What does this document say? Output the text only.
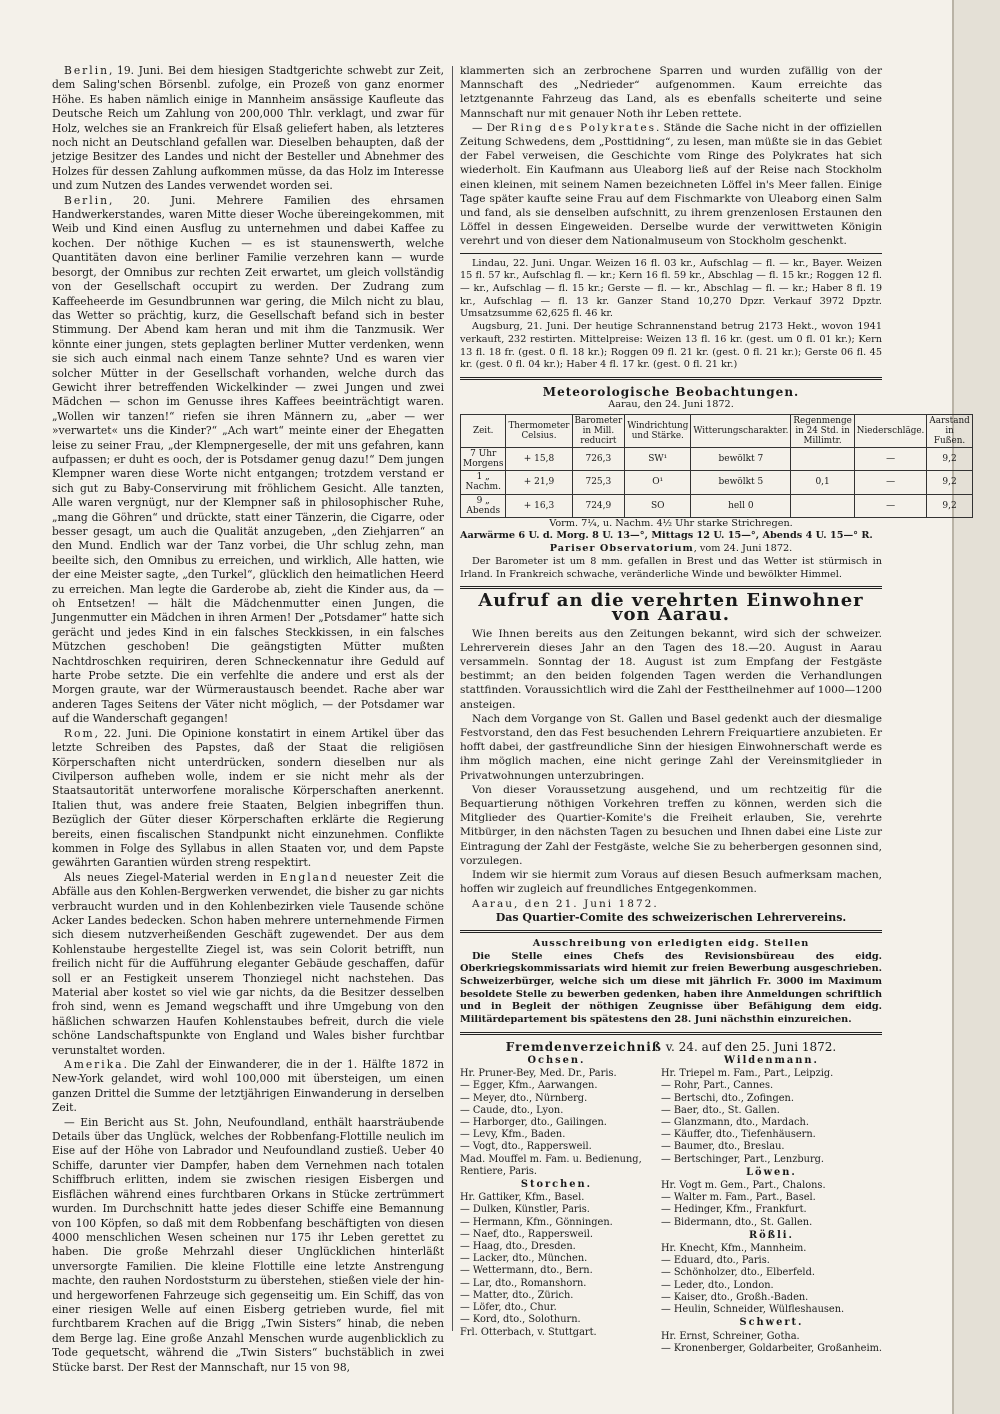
Berlin, 19. Juni. Bei dem hiesigen Stadtgerichte schwebt zur Zeit, dem Saling'schen Börsenbl. zufolge, ein Prozeß von ganz enormer Höhe. Es haben nämlich einige in Mannheim ansässige Kaufleute das Deutsche Reich um Zahlung von 200,000 Thlr. verklagt, und zwar für Holz, welches sie an Frankreich für Elsaß geliefert haben, als letzteres noch nicht an Deutschland gefallen war. Dieselben behaupten, daß der jetzige Besitzer des Landes und nicht der Besteller und Abnehmer des Holzes für dessen Zahlung aufkommen müsse, da das Holz im Interesse und zum Nutzen des Landes verwendet worden sei.

Berlin, 20. Juni. Mehrere Familien des ehrsamen Handwerkerstandes, waren Mitte dieser Woche übereingekommen, mit Weib und Kind einen Ausflug zu unternehmen und dabei Kaffee zu kochen. Der nöthige Kuchen — es ist staunenswerth, welche Quantitäten davon eine berliner Familie verzehren kann — wurde besorgt, der Omnibus zur rechten Zeit erwartet, um gleich vollständig von der Gesellschaft occupirt zu werden. Der Zudrang zum Kaffeeheerde im Gesundbrunnen war gering, die Milch nicht zu blau, das Wetter so prächtig, kurz, die Gesellschaft befand sich in bester Stimmung. Der Abend kam heran und mit ihm die Tanzmusik. Wer könnte einer jungen, stets geplagten berliner Mutter verdenken, wenn sie sich auch einmal nach einem Tanze sehnte? Und es waren vier solcher Mütter in der Gesellschaft vorhanden, welche durch das Gewicht ihrer betreffenden Wickelkinder — zwei Jungen und zwei Mädchen — schon im Genusse ihres Kaffees beeinträchtigt waren. „Wollen wir tanzen!“ riefen sie ihren Männern zu, „aber — wer »verwartet« uns die Kinder?“ „Ach wart“ meinte einer der Ehegatten leise zu seiner Frau, „der Klempnergeselle, der mit uns gefahren, kann aufpassen; er duht es ooch, der is Potsdamer genug dazu!“ Dem jungen Klempner waren diese Worte nicht entgangen; trotzdem verstand er sich gut zu Baby-Conservirung mit fröhlichem Gesicht. Alle tanzten, Alle waren vergnügt, nur der Klempner saß in philosophischer Ruhe, „mang die Göhren“ und drückte, statt einer Tänzerin, die Cigarre, oder besser gesagt, um auch die Qualität anzugeben, „den Ziehjarren“ an den Mund. Endlich war der Tanz vorbei, die Uhr schlug zehn, man beeilte sich, den Omnibus zu erreichen, und wirklich, Alle hatten, wie der eine Meister sagte, „den Turkel“, glücklich den heimatlichen Heerd zu erreichen. Man legte die Garderobe ab, zieht die Kinder aus, da — oh Entsetzen! — hält die Mädchenmutter einen Jungen, die Jungenmutter ein Mädchen in ihren Armen! Der „Potsdamer“ hatte sich gerächt und jedes Kind in ein falsches Steckkissen, in ein falsches Mützchen geschoben! Die geängstigten Mütter mußten Nachtdroschken requiriren, deren Schneckennatur ihre Geduld auf harte Probe setzte. Die ein verfehlte die andere und erst als der Morgen graute, war der Würmeraustausch beendet. Rache aber war anderen Tages Seitens der Väter nicht möglich, — der Potsdamer war auf die Wanderschaft gegangen!

Rom, 22. Juni. Die Opinione konstatirt in einem Artikel über das letzte Schreiben des Papstes, daß der Staat die religiösen Körperschaften nicht unterdrücken, sondern dieselben nur als Civilperson aufheben wolle, indem er sie nicht mehr als der Staatsautorität unterworfene moralische Körperschaften anerkennt. Italien thut, was andere freie Staaten, Belgien inbegriffen thun. Bezüglich der Güter dieser Körperschaften erklärte die Regierung bereits, einen fiscalischen Standpunkt nicht einzunehmen. Conflikte kommen in Folge des Syllabus in allen Staaten vor, und dem Papste gewährten Garantien würden streng respektirt.

Als neues Ziegel-Material werden in England neuester Zeit die Abfälle aus den Kohlen-Bergwerken verwendet, die bisher zu gar nichts verbraucht wurden und in den Kohlenbezirken viele Tausende schöne Acker Landes bedecken. Schon haben mehrere unternehmende Firmen sich diesem nutzverheißenden Geschäft zugewendet. Der aus dem Kohlenstaube hergestellte Ziegel ist, was sein Colorit betrifft, nun freilich nicht für die Aufführung eleganter Gebäude geschaffen, dafür soll er an Festigkeit unserem Thonziegel nicht nachstehen. Das Material aber kostet so viel wie gar nichts, da die Besitzer desselben froh sind, wenn es Jemand wegschafft und ihre Umgebung von den häßlichen schwarzen Haufen Kohlenstaubes befreit, durch die viele schöne Landschaftspunkte von England und Wales bisher furchtbar verunstaltet worden.

Amerika. Die Zahl der Einwanderer, die in der 1. Hälfte 1872 in New-York gelandet, wird wohl 100,000 mit übersteigen, um einen ganzen Drittel die Summe der letztjährigen Einwanderung in derselben Zeit.

— Ein Bericht aus St. John, Neufoundland, enthält haarsträubende Details über das Unglück, welches der Robbenfang-Flottille neulich im Eise auf der Höhe von Labrador und Neufoundland zustieß. Ueber 40 Schiffe, darunter vier Dampfer, haben dem Vernehmen nach totalen Schiffbruch erlitten, indem sie zwischen riesigen Eisbergen und Eisflächen während eines furchtbaren Orkans in Stücke zertrümmert wurden. Im Durchschnitt hatte jedes dieser Schiffe eine Bemannung von 100 Köpfen, so daß mit dem Robbenfang beschäftigten von diesen 4000 menschlichen Wesen scheinen nur 175 ihr Leben gerettet zu haben. Die große Mehrzahl dieser Unglücklichen hinterläßt unversorgte Familien. Die kleine Flottille eine letzte Anstrengung machte, den rauhen Nordoststurm zu überstehen, stießen viele der hin- und hergeworfenen Fahrzeuge sich gegenseitig um. Ein Schiff, das von einer riesigen Welle auf einen Eisberg getrieben wurde, fiel mit furchtbarem Krachen auf die Brigg „Twin Sisters“ hinab, die neben dem Berge lag. Eine große Anzahl Menschen wurde augenblicklich zu Tode gequetscht, während die „Twin Sisters“ buchstäblich in zwei Stücke barst. Der Rest der Mannschaft, nur 15 von 98,

klammerten sich an zerbrochene Sparren und wurden zufällig von der Mannschaft des „Nedrieder“ aufgenommen. Kaum erreichte das letztgenannte Fahrzeug das Land, als es ebenfalls scheiterte und seine Mannschaft nur mit genauer Noth ihr Leben rettete.

— Der Ring des Polykrates. Stände die Sache nicht in der offiziellen Zeitung Schwedens, dem „Posttidning“, zu lesen, man müßte sie in das Gebiet der Fabel verweisen, die Geschichte vom Ringe des Polykrates hat sich wiederholt. Ein Kaufmann aus Uleaborg ließ auf der Reise nach Stockholm einen kleinen, mit seinem Namen bezeichneten Löffel in's Meer fallen. Einige Tage später kaufte seine Frau auf dem Fischmarkte von Uleaborg einen Salm und fand, als sie denselben aufschnitt, zu ihrem grenzenlosen Erstaunen den Löffel in dessen Eingeweiden. Derselbe wurde der verwittweten Königin verehrt und von dieser dem Nationalmuseum von Stockholm geschenkt.

Lindau, 22. Juni. Ungar. Weizen 16 fl. 03 kr., Aufschlag — fl. — kr., Bayer. Weizen 15 fl. 57 kr., Aufschlag fl. — kr.; Kern 16 fl. 59 kr., Abschlag — fl. 15 kr.; Roggen 12 fl. — kr., Aufschlag — fl. 15 kr.; Gerste — fl. — kr., Abschlag — fl. — kr.; Haber 8 fl. 19 kr., Aufschlag — fl. 13 kr. Ganzer Stand 10,270 Dpzr. Verkauf 3972 Dpztr. Umsatzsumme 62,625 fl. 46 kr.

Augsburg, 21. Juni. Der heutige Schrannenstand betrug 2173 Hekt., wovon 1941 verkauft, 232 restirten. Mittelpreise: Weizen 13 fl. 16 kr. (gest. um 0 fl. 01 kr.); Kern 13 fl. 18 fr. (gest. 0 fl. 18 kr.); Roggen 09 fl. 21 kr. (gest. 0 fl. 21 kr.); Gerste 06 fl. 45 kr. (gest. 0 fl. 04 kr.); Haber 4 fl. 17 kr. (gest. 0 fl. 21 kr.)

Meteorologische Beobachtungen.
Aarau, den 24. Juni 1872.
Zeit.	Thermometer Celsius.	Barometer in Mill. reducirt	Windrichtung und Stärke.	Witterungscharakter.	Regenmenge in 24 Std. in Millimtr.	Niederschläge.	Aarstand in Fußen.
7 Uhr Morgens	+ 15,8	726,3	SW¹	bewölkt 7		—	9,2
1 „ Nachm.	+ 21,9	725,3	O¹	bewölkt 5	0,1	—	9,2
9 „ Abends	+ 16,3	724,9	SO	hell 0		—	9,2
Vorm. 7¼, u. Nachm. 4½ Uhr starke Strichregen.
Aarwärme 6 U. d. Morg. 8 U. 13—°, Mittags 12 U. 15—°, Abends 4 U. 15—° R.
Pariser Observatorium, vom 24. Juni 1872.

Der Barometer ist um 8 mm. gefallen in Brest und das Wetter ist stürmisch in Irland. In Frankreich schwache, veränderliche Winde und bewölkter Himmel.

Aufruf an die verehrten Einwohner von Aarau.

Wie Ihnen bereits aus den Zeitungen bekannt, wird sich der schweizer. Lehrerverein dieses Jahr an den Tagen des 18.—20. August in Aarau versammeln. Sonntag der 18. August ist zum Empfang der Festgäste bestimmt; an den beiden folgenden Tagen werden die Verhandlungen stattfinden. Voraussichtlich wird die Zahl der Festtheilnehmer auf 1000—1200 ansteigen.

Nach dem Vorgange von St. Gallen und Basel gedenkt auch der diesmalige Festvorstand, den das Fest besuchenden Lehrern Freiquartiere anzubieten. Er hofft dabei, der gastfreundliche Sinn der hiesigen Einwohnerschaft werde es ihm möglich machen, eine nicht geringe Zahl der Vereinsmitglieder in Privatwohnungen unterzubringen.

Von dieser Voraussetzung ausgehend, und um rechtzeitig für die Bequartierung nöthigen Vorkehren treffen zu können, werden sich die Mitglieder des Quartier-Komite's die Freiheit erlauben, Sie, verehrte Mitbürger, in den nächsten Tagen zu besuchen und Ihnen dabei eine Liste zur Eintragung der Zahl der Festgäste, welche Sie zu beherbergen gesonnen sind, vorzulegen.

Indem wir sie hiermit zum Voraus auf diesen Besuch aufmerksam machen, hoffen wir zugleich auf freundliches Entgegenkommen.

Aarau, den 21. Juni 1872.

Das Quartier-Comite des schweizerischen Lehrervereins.
Ausschreibung von erledigten eidg. Stellen

Die Stelle eines Chefs des Revisionsbüreau des eidg. Oberkriegskommissariats wird hiemit zur freien Bewerbung ausgeschrieben. Schweizerbürger, welche sich um diese mit jährlich Fr. 3000 im Maximum besoldete Stelle zu bewerben gedenken, haben ihre Anmeldungen schriftlich und in Begleit der nöthigen Zeugnisse über Befähigung dem eidg. Militärdepartement bis spätestens den 28. Juni nächsthin einzureichen.

Fremdenverzeichniß v. 24. auf den 25. Juni 1872.
Ochsen.
Hr. Pruner-Bey, Med. Dr., Paris.
— Egger, Kfm., Aarwangen.
— Meyer, dto., Nürnberg.
— Caude, dto., Lyon.
— Harborger, dto., Gailingen.
— Levy, Kfm., Baden.
— Vogt, dto., Rappersweil.
Mad. Mouffel m. Fam. u. Bedienung,
Rentiere, Paris.
Storchen.
Hr. Gattiker, Kfm., Basel.
— Dulken, Künstler, Paris.
— Hermann, Kfm., Gönningen.
— Naef, dto., Rappersweil.
— Haag, dto., Dresden.
— Lacker, dto., München.
— Wettermann, dto., Bern.
— Lar, dto., Romanshorn.
— Matter, dto., Zürich.
— Löfer, dto., Chur.
— Kord, dto., Solothurn.
Frl. Otterbach, v. Stuttgart.
Wildenmann.
Hr. Triepel m. Fam., Part., Leipzig.
— Rohr, Part., Cannes.
— Bertschi, dto., Zofingen.
— Baer, dto., St. Gallen.
— Glanzmann, dto., Mardach.
— Käuffer, dto., Tiefenhäusern.
— Baumer, dto., Breslau.
— Bertschinger, Part., Lenzburg.
Löwen.
Hr. Vogt m. Gem., Part., Chalons.
— Walter m. Fam., Part., Basel.
— Hedinger, Kfm., Frankfurt.
— Bidermann, dto., St. Gallen.
Rößli.
Hr. Knecht, Kfm., Mannheim.
— Eduard, dto., Paris.
— Schönholzer, dto., Elberfeld.
— Leder, dto., London.
— Kaiser, dto., Großh.-Baden.
— Heulin, Schneider, Wülfleshausen.
Schwert.
Hr. Ernst, Schreiner, Gotha.
— Kronenberger, Goldarbeiter, Großanheim.
